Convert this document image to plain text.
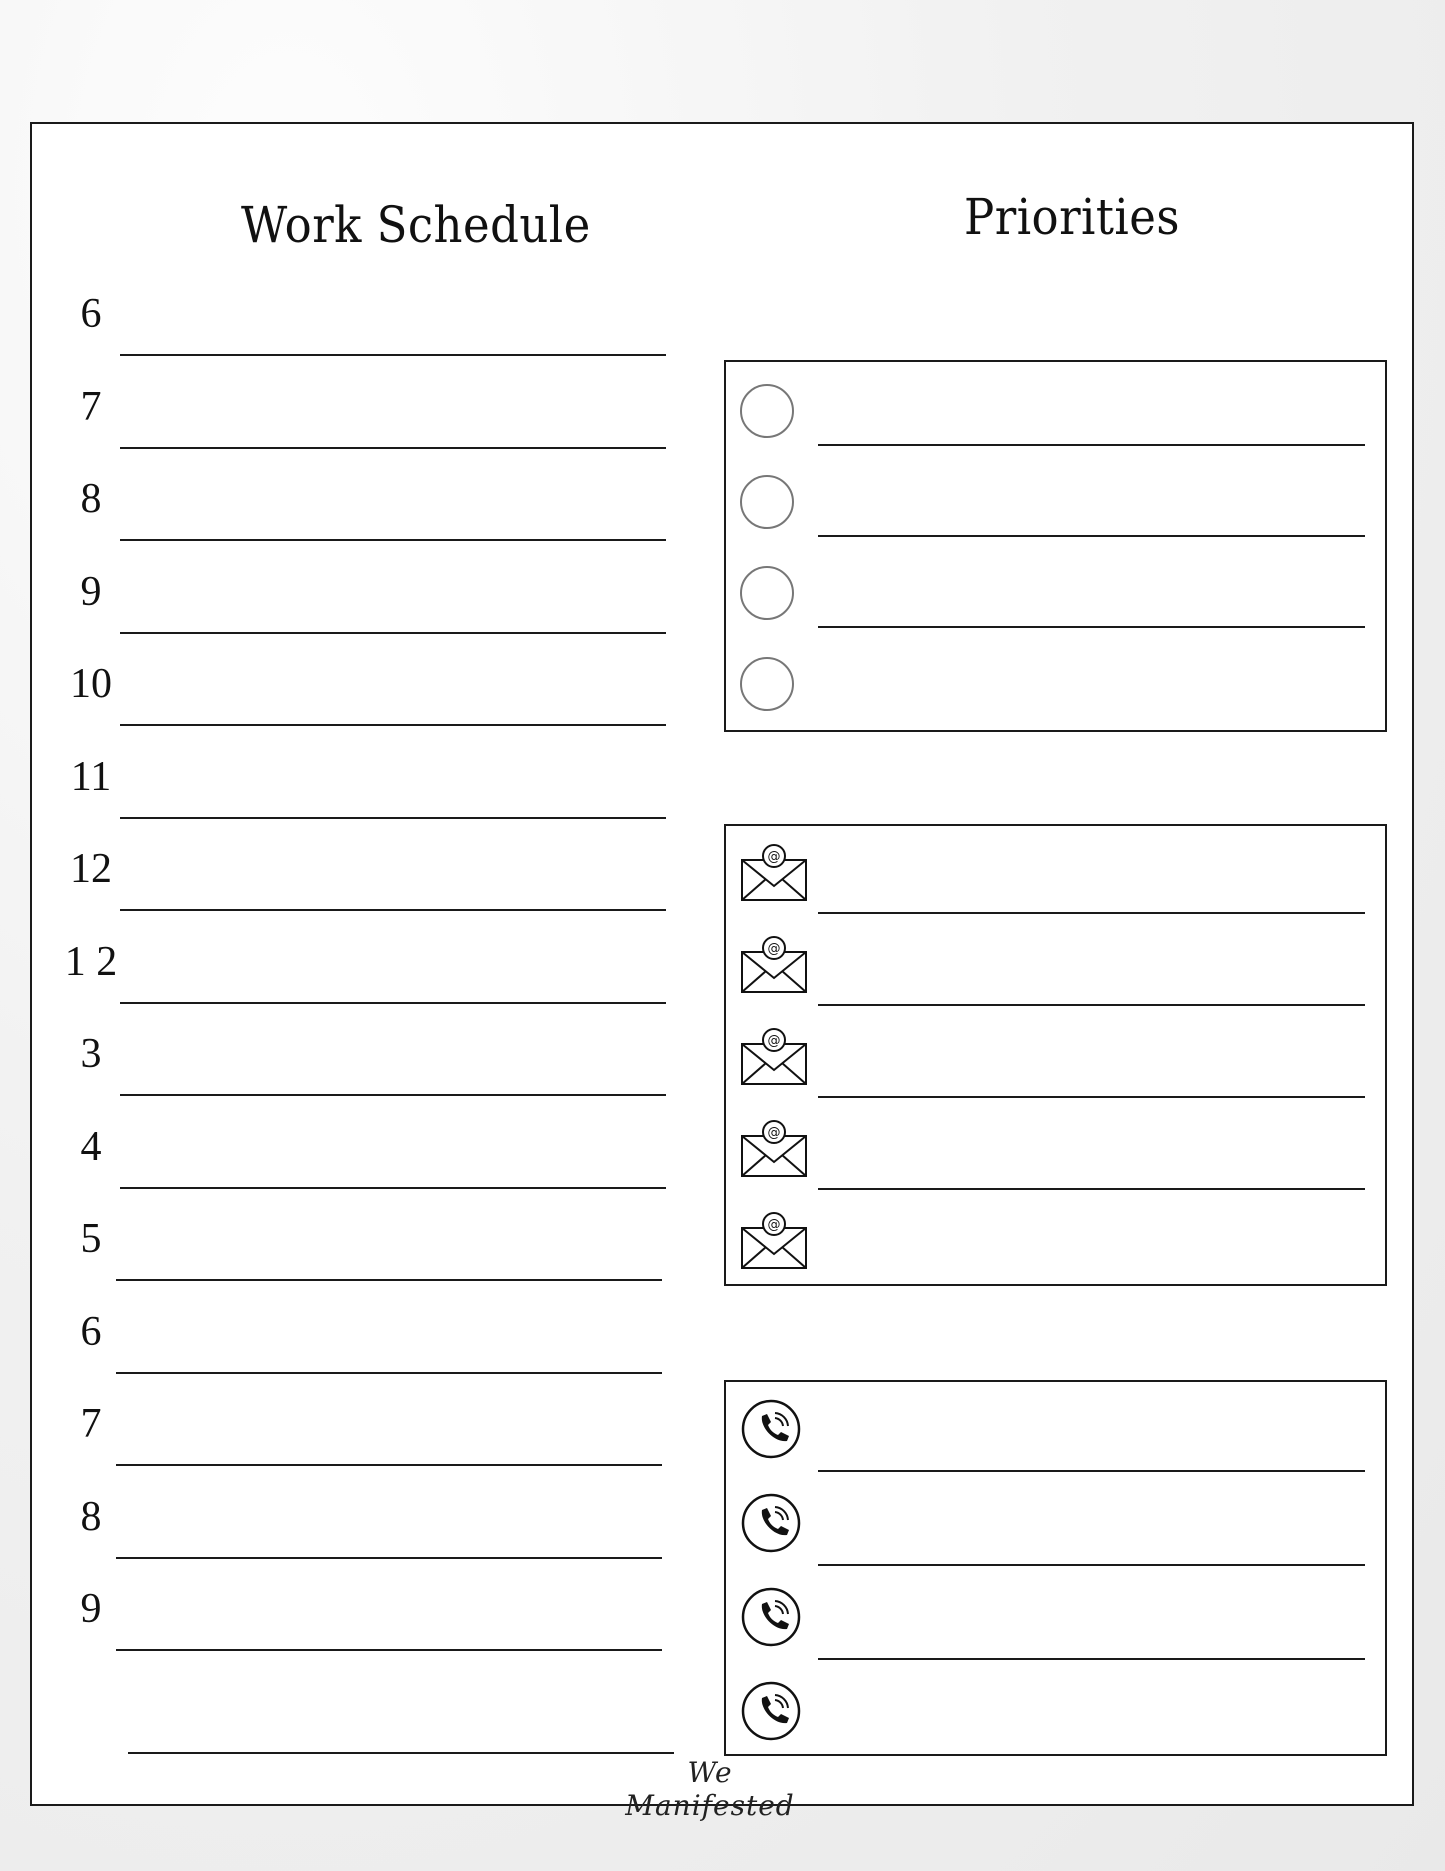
Work Schedule	Priorities
6
7
8
9
10
11
12
1 2
3
4
5
6
7
8
9
@
@
@
@
@
We Manifested
